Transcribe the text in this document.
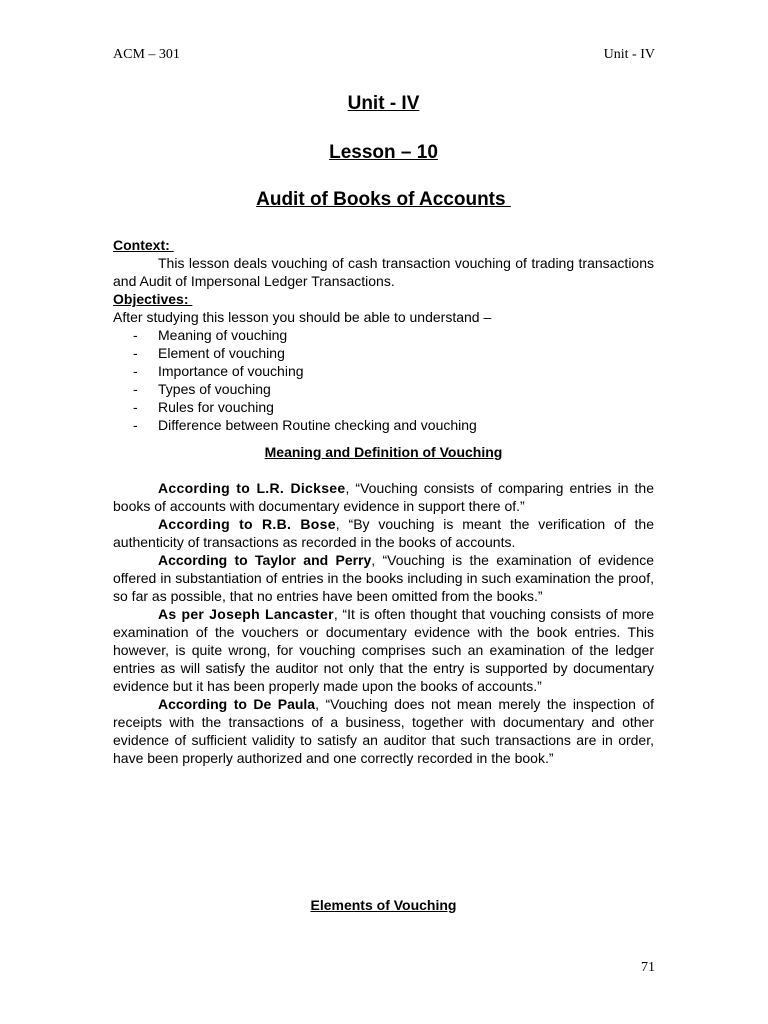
ACM – 301	Unit - IV
Unit - IV
Lesson – 10
Audit of Books of Accounts

Context:

This lesson deals vouching of cash transaction vouching of trading transactions and Audit of Impersonal Ledger Transactions.

Objectives:

After studying this lesson you should be able to understand –

- Meaning of vouching
- Element of vouching
- Importance of vouching
- Types of vouching
- Rules for vouching
- Difference between Routine checking and vouching

Meaning and Definition of Vouching

According to L.R. Dicksee, “Vouching consists of comparing entries in the books of accounts with documentary evidence in support there of.”

According to R.B. Bose, “By vouching is meant the verification of the authenticity of transactions as recorded in the books of accounts.

According to Taylor and Perry, “Vouching is the examination of evidence offered in substantiation of entries in the books including in such examination the proof, so far as possible, that no entries have been omitted from the books.”

As per Joseph Lancaster, “It is often thought that vouching consists of more examination of the vouchers or documentary evidence with the book entries. This however, is quite wrong, for vouching comprises such an examination of the ledger entries as will satisfy the auditor not only that the entry is supported by documentary evidence but it has been properly made upon the books of accounts.”

According to De Paula, “Vouching does not mean merely the inspection of receipts with the transactions of a business, together with documentary and other evidence of sufficient validity to satisfy an auditor that such transactions are in order, have been properly authorized and one correctly recorded in the book.”

Elements of Vouching
71
